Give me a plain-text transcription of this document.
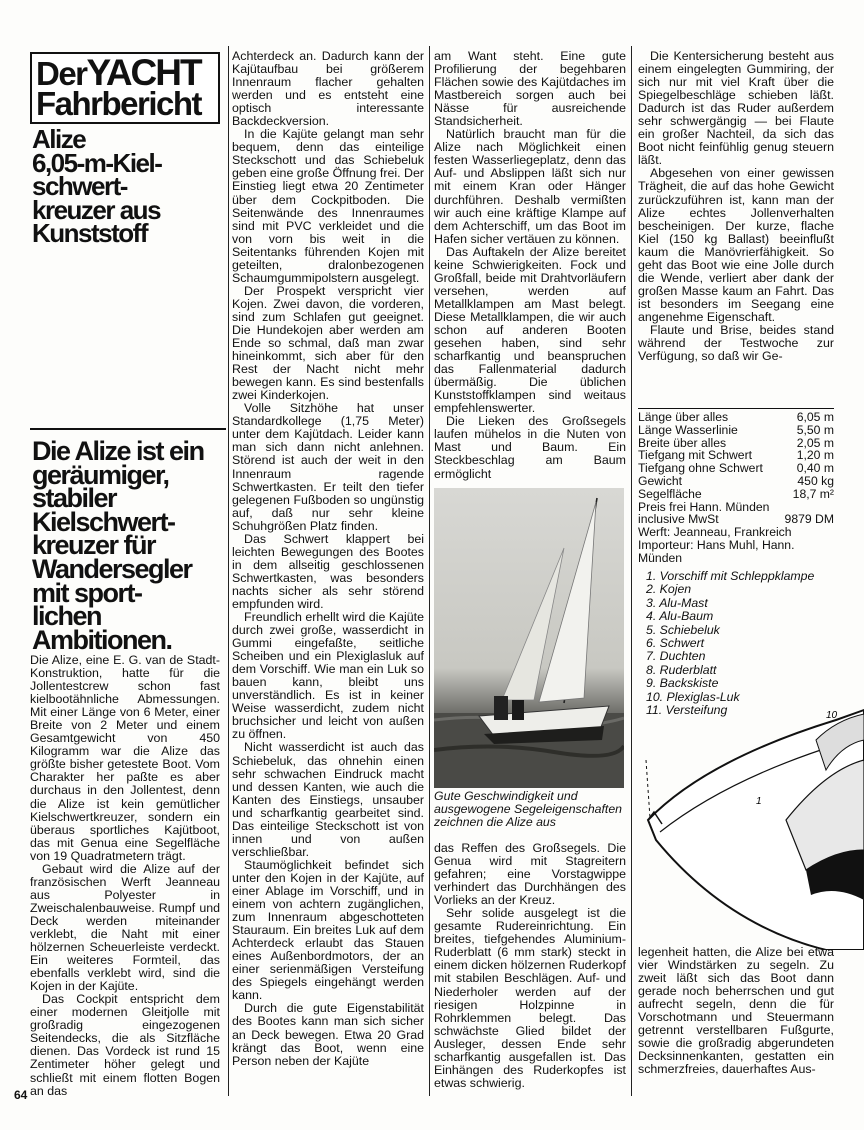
DerYACHT
Fahrbericht
Alize
6,05-m-Kiel-
schwert-
kreuzer aus
Kunststoff
Die Alize ist ein
geräumiger,
stabiler
Kielschwert-
kreuzer für
Wandersegler
mit sport-
lichen
Ambitionen.

Die Alize, eine E. G. van de Stadt-Konstruktion, hatte für die Jollentestcrew schon fast kielbootähnliche Abmessungen. Mit einer Länge von 6 Meter, einer Breite von 2 Meter und einem Gesamtgewicht von 450 Kilogramm war die Alize das größte bisher getestete Boot. Vom Charakter her paßte es aber durchaus in den Jollentest, denn die Alize ist kein gemütlicher Kielschwertkreuzer, sondern ein überaus sportliches Kajütboot, das mit Genua eine Segelfläche von 19 Quadratmetern trägt.

Gebaut wird die Alize auf der französischen Werft Jeanneau aus Polyester in Zweischalenbauweise. Rumpf und Deck werden miteinander verklebt, die Naht mit einer hölzernen Scheuerleiste verdeckt. Ein weiteres Formteil, das ebenfalls verklebt wird, sind die Kojen in der Kajüte.

Das Cockpit entspricht dem einer modernen Gleitjolle mit großradig eingezogenen Seitendecks, die als Sitzfläche dienen. Das Vordeck ist rund 15 Zentimeter höher gelegt und schließt mit einem flotten Bogen an das

Achterdeck an. Dadurch kann der Kajütaufbau bei größerem Innenraum flacher gehalten werden und es entsteht eine optisch interessante Backdeckversion.

In die Kajüte gelangt man sehr bequem, denn das einteilige Steckschott und das Schiebeluk geben eine große Öffnung frei. Der Einstieg liegt etwa 20 Zentimeter über dem Cockpitboden. Die Seitenwände des Innenraumes sind mit PVC verkleidet und die von vorn bis weit in die Seitentanks führenden Kojen mit geteilten, dralonbezogenen Schaumgummipolstern ausgelegt.

Der Prospekt verspricht vier Kojen. Zwei davon, die vorderen, sind zum Schlafen gut geeignet. Die Hundekojen aber werden am Ende so schmal, daß man zwar hineinkommt, sich aber für den Rest der Nacht nicht mehr bewegen kann. Es sind bestenfalls zwei Kinderkojen.

Volle Sitzhöhe hat unser Standardkollege (1,75 Meter) unter dem Kajütdach. Leider kann man sich dann nicht anlehnen. Störend ist auch der weit in den Innenraum ragende Schwertkasten. Er teilt den tiefer gelegenen Fußboden so ungünstig auf, daß nur sehr kleine Schuhgrößen Platz finden.

Das Schwert klappert bei leichten Bewegungen des Bootes in dem allseitig geschlossenen Schwertkasten, was besonders nachts sicher als sehr störend empfunden wird.

Freundlich erhellt wird die Kajüte durch zwei große, wasserdicht in Gummi eingefaßte, seitliche Scheiben und ein Plexiglasluk auf dem Vorschiff. Wie man ein Luk so bauen kann, bleibt uns unverständlich. Es ist in keiner Weise wasserdicht, zudem nicht bruchsicher und leicht von außen zu öffnen.

Nicht wasserdicht ist auch das Schiebeluk, das ohnehin einen sehr schwachen Eindruck macht und dessen Kanten, wie auch die Kanten des Einstiegs, unsauber und scharfkantig gearbeitet sind. Das einteilige Steckschott ist von innen und von außen verschließbar.

Staumöglichkeit befindet sich unter den Kojen in der Kajüte, auf einer Ablage im Vorschiff, und in einem von achtern zugänglichen, zum Innenraum abgeschotteten Stauraum. Ein breites Luk auf dem Achterdeck erlaubt das Stauen eines Außenbordmotors, der an einer serienmäßigen Versteifung des Spiegels eingehängt werden kann.

Durch die gute Eigenstabilität des Bootes kann man sich sicher an Deck bewegen. Etwa 20 Grad krängt das Boot, wenn eine Person neben der Kajüte

am Want steht. Eine gute Profilierung der begehbaren Flächen sowie des Kajütdaches im Mastbereich sorgen auch bei Nässe für ausreichende Standsicherheit.

Natürlich braucht man für die Alize nach Möglichkeit einen festen Wasserliegeplatz, denn das Auf- und Abslippen läßt sich nur mit einem Kran oder Hänger durchführen. Deshalb vermißten wir auch eine kräftige Klampe auf dem Achterschiff, um das Boot im Hafen sicher vertäuen zu können.

Das Auftakeln der Alize bereitet keine Schwierigkeiten. Fock und Großfall, beide mit Drahtvorläufern versehen, werden auf Metallklampen am Mast belegt. Diese Metallklampen, die wir auch schon auf anderen Booten gesehen haben, sind sehr scharfkantig und beanspruchen das Fallenmaterial dadurch übermäßig. Die üblichen Kunststoffklampen sind weitaus empfehlenswerter.

Die Lieken des Großsegels laufen mühelos in die Nuten von Mast und Baum. Ein Steckbeschlag am Baum ermöglicht

Gute Geschwindigkeit und ausgewogene Segeleigenschaften zeichnen die Alize aus

das Reffen des Großsegels. Die Genua wird mit Stagreitern gefahren; eine Vorstagwippe verhindert das Durchhängen des Vorlieks an der Kreuz.

Sehr solide ausgelegt ist die gesamte Rudereinrichtung. Ein breites, tiefgehendes Aluminium-Ruderblatt (6 mm stark) steckt in einem dicken hölzernen Ruderkopf mit stabilen Beschlägen. Auf- und Niederholer werden auf der riesigen Holzpinne in Rohrklemmen belegt. Das schwächste Glied bildet der Ausleger, dessen Ende sehr scharfkantig ausgefallen ist. Das Einhängen des Ruderkopfes ist etwas schwierig.

Die Kentersicherung besteht aus einem eingelegten Gummiring, der sich nur mit viel Kraft über die Spiegelbeschläge schieben läßt. Dadurch ist das Ruder außerdem sehr schwergängig — bei Flaute ein großer Nachteil, da sich das Boot nicht feinfühlig genug steuern läßt.

Abgesehen von einer gewissen Trägheit, die auf das hohe Gewicht zurückzuführen ist, kann man der Alize echtes Jollenverhalten bescheinigen. Der kurze, flache Kiel (150 kg Ballast) beeinflußt kaum die Manövrierfähigkeit. So geht das Boot wie eine Jolle durch die Wende, verliert aber dank der großen Masse kaum an Fahrt. Das ist besonders im Seegang eine angenehme Eigenschaft.

Flaute und Brise, beides stand während der Testwoche zur Verfügung, so daß wir Ge-

Länge über alles	6,05 m
Länge Wasserlinie	5,50 m
Breite über alles	2,05 m
Tiefgang mit Schwert	1,20 m
Tiefgang ohne Schwert	0,40 m
Gewicht	450 kg
Segelfläche	18,7 m²
Preis frei Hann. Münden
inclusive MwSt	9879 DM
Werft: Jeanneau, Frankreich
Importeur: Hans Muhl, Hann.
Münden
1. Vorschiff mit Schleppklampe
2. Kojen
3. Alu-Mast
4. Alu-Baum
5. Schiebeluk
6. Schwert
7. Duchten
8. Ruderblatt
9. Backskiste
10. Plexiglas-Luk
11. Versteifung	10
1

legenheit hatten, die Alize bei etwa vier Windstärken zu segeln. Zu zweit läßt sich das Boot dann gerade noch beherrschen und gut aufrecht segeln, denn die für Vorschotmann und Steuermann getrennt verstellbaren Fußgurte, sowie die großradig abgerundeten Decksinnenkanten, gestatten ein schmerzfreies, dauerhaftes Aus-

64
